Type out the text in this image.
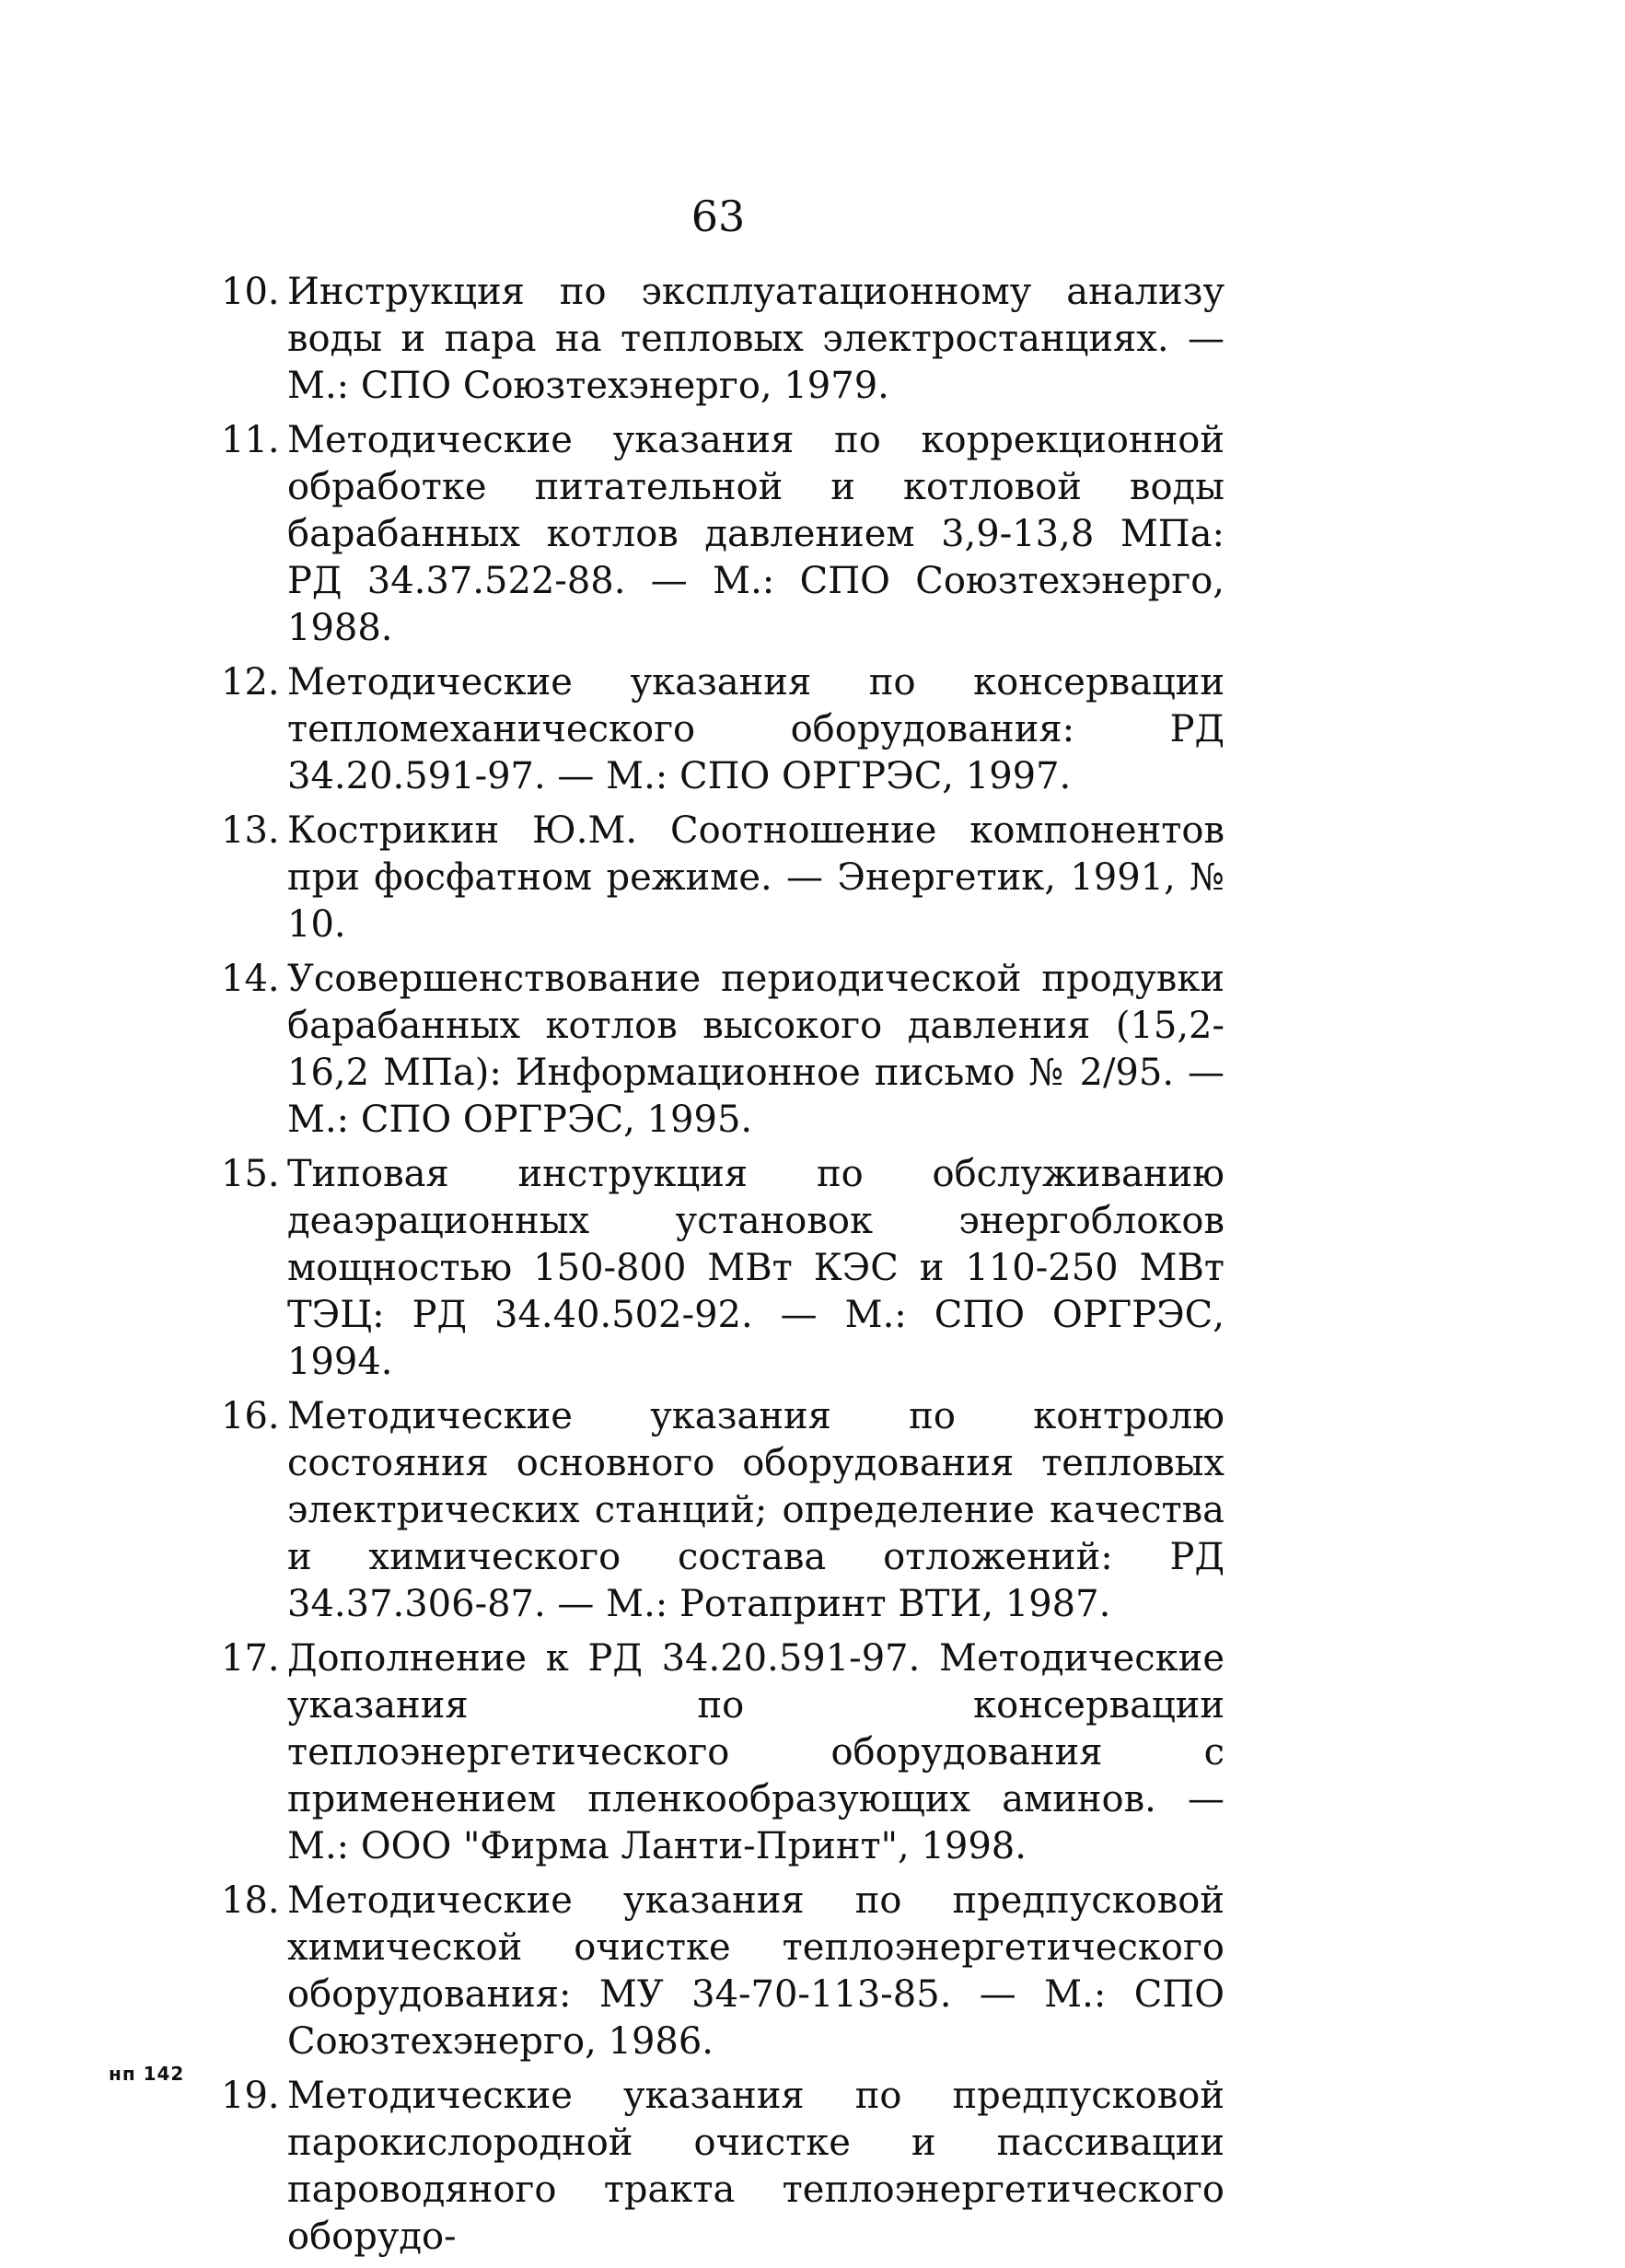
63
10. Инструкция по эксплуатационному анализу воды и пара на тепловых электростанциях. — М.: СПО Союзтехэнерго, 1979.
11. Методические указания по коррекционной обработке питательной и котловой воды барабанных котлов давлением 3,9-13,8 МПа: РД 34.37.522-88. — М.: СПО Союзтехэнерго, 1988.
12. Методические указания по консервации тепломеханического оборудования: РД 34.20.591-97. — М.: СПО ОРГРЭС, 1997.
13. Кострикин Ю.М. Соотношение компонентов при фосфатном режиме. — Энергетик, 1991, № 10.
14. Усовершенствование периодической продувки барабанных котлов высокого давления (15,2-16,2 МПа): Информационное письмо № 2/95. — М.: СПО ОРГРЭС, 1995.
15. Типовая инструкция по обслуживанию деаэрационных установок энергоблоков мощностью 150-800 МВт КЭС и 110-250 МВт ТЭЦ: РД 34.40.502-92. — М.: СПО ОРГРЭС, 1994.
16. Методические указания по контролю состояния основного оборудования тепловых электрических станций; определение качества и химического состава отложений: РД 34.37.306-87. — М.: Ротапринт ВТИ, 1987.
17. Дополнение к РД 34.20.591-97. Методические указания по консервации теплоэнергетического оборудования с применением пленкообразующих аминов. — М.: ООО "Фирма Ланти-Принт", 1998.
18. Методические указания по предпусковой химической очистке теплоэнергетического оборудования: МУ 34-70-113-85. — М.: СПО Союзтехэнерго, 1986.
19. Методические указания по предпусковой парокислородной очистке и пассивации пароводяного тракта теплоэнергетического оборудо-
нп 142
